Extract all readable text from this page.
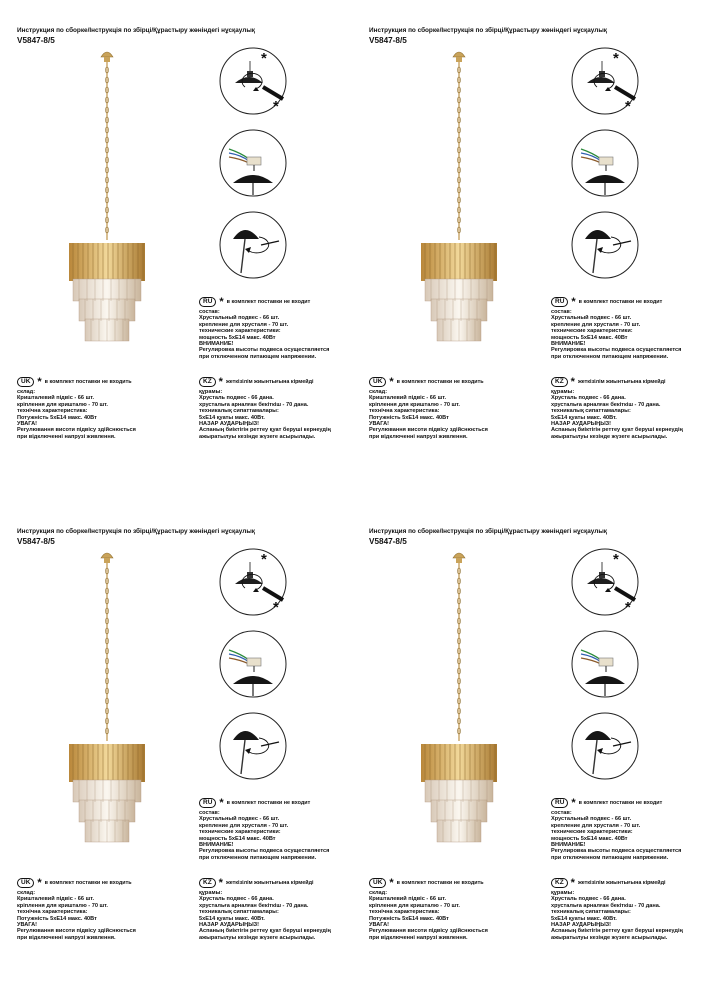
Инструкция по сборке/Інструкція по збірці/Құрастыру жөніндегі нұсқаулық
V5847-8/5
*
*
RU * в комплект поставки не входит
состав:
Хрустальный подвес - 66 шт.
крепление для хрусталя - 70 шт.
технические характеристики:
мощность 5xE14 макс. 40Вт
ВНИМАНИЕ!
Регулировка высоты подвеса осуществляется
при отключенном питающем напряжении.
UK * в комплект поставки не входить
склад:
Кришталевий підвіс - 66 шт.
кріплення для кришталю - 70 шт.
технічна характеристика:
Потужність 5xE14 макс. 40Вт
УВАГА!
Регулювання висоти підвісу здійснюється
при відключенні напрузі живлення.
KZ * жеткізілім жиынтығына кірмейді
құрамы:
Хрусталь подвес - 66 дана.
хрустальға арналған бекіткіш - 70 дана.
техникалық сипаттамалары:
5xE14 қуаты макс. 40Вт.
НАЗАР АУДАРЫҢЫЗ!
Аспаның биіктігін реттеу қуат беруші кернеудің
ажыратылуы кезінде жүзеге асырылады.
Инструкция по сборке/Інструкція по збірці/Құрастыру жөніндегі нұсқаулық
V5847-8/5
*
*
RU * в комплект поставки не входит
состав:
Хрустальный подвес - 66 шт.
крепление для хрусталя - 70 шт.
технические характеристики:
мощность 5xE14 макс. 40Вт
ВНИМАНИЕ!
Регулировка высоты подвеса осуществляется
при отключенном питающем напряжении.
UK * в комплект поставки не входить
склад:
Кришталевий підвіс - 66 шт.
кріплення для кришталю - 70 шт.
технічна характеристика:
Потужність 5xE14 макс. 40Вт
УВАГА!
Регулювання висоти підвісу здійснюється
при відключенні напрузі живлення.
KZ * жеткізілім жиынтығына кірмейді
құрамы:
Хрусталь подвес - 66 дана.
хрустальға арналған бекіткіш - 70 дана.
техникалық сипаттамалары:
5xE14 қуаты макс. 40Вт.
НАЗАР АУДАРЫҢЫЗ!
Аспаның биіктігін реттеу қуат беруші кернеудің
ажыратылуы кезінде жүзеге асырылады.
Инструкция по сборке/Інструкція по збірці/Құрастыру жөніндегі нұсқаулық
V5847-8/5
*
*
RU * в комплект поставки не входит
состав:
Хрустальный подвес - 66 шт.
крепление для хрусталя - 70 шт.
технические характеристики:
мощность 5xE14 макс. 40Вт
ВНИМАНИЕ!
Регулировка высоты подвеса осуществляется
при отключенном питающем напряжении.
UK * в комплект поставки не входить
склад:
Кришталевий підвіс - 66 шт.
кріплення для кришталю - 70 шт.
технічна характеристика:
Потужність 5xE14 макс. 40Вт
УВАГА!
Регулювання висоти підвісу здійснюється
при відключенні напрузі живлення.
KZ * жеткізілім жиынтығына кірмейді
құрамы:
Хрусталь подвес - 66 дана.
хрустальға арналған бекіткіш - 70 дана.
техникалық сипаттамалары:
5xE14 қуаты макс. 40Вт.
НАЗАР АУДАРЫҢЫЗ!
Аспаның биіктігін реттеу қуат беруші кернеудің
ажыратылуы кезінде жүзеге асырылады.
Инструкция по сборке/Інструкція по збірці/Құрастыру жөніндегі нұсқаулық
V5847-8/5
*
*
RU * в комплект поставки не входит
состав:
Хрустальный подвес - 66 шт.
крепление для хрусталя - 70 шт.
технические характеристики:
мощность 5xE14 макс. 40Вт
ВНИМАНИЕ!
Регулировка высоты подвеса осуществляется
при отключенном питающем напряжении.
UK * в комплект поставки не входить
склад:
Кришталевий підвіс - 66 шт.
кріплення для кришталю - 70 шт.
технічна характеристика:
Потужність 5xE14 макс. 40Вт
УВАГА!
Регулювання висоти підвісу здійснюється
при відключенні напрузі живлення.
KZ * жеткізілім жиынтығына кірмейді
құрамы:
Хрусталь подвес - 66 дана.
хрустальға арналған бекіткіш - 70 дана.
техникалық сипаттамалары:
5xE14 қуаты макс. 40Вт.
НАЗАР АУДАРЫҢЫЗ!
Аспаның биіктігін реттеу қуат беруші кернеудің
ажыратылуы кезінде жүзеге асырылады.
